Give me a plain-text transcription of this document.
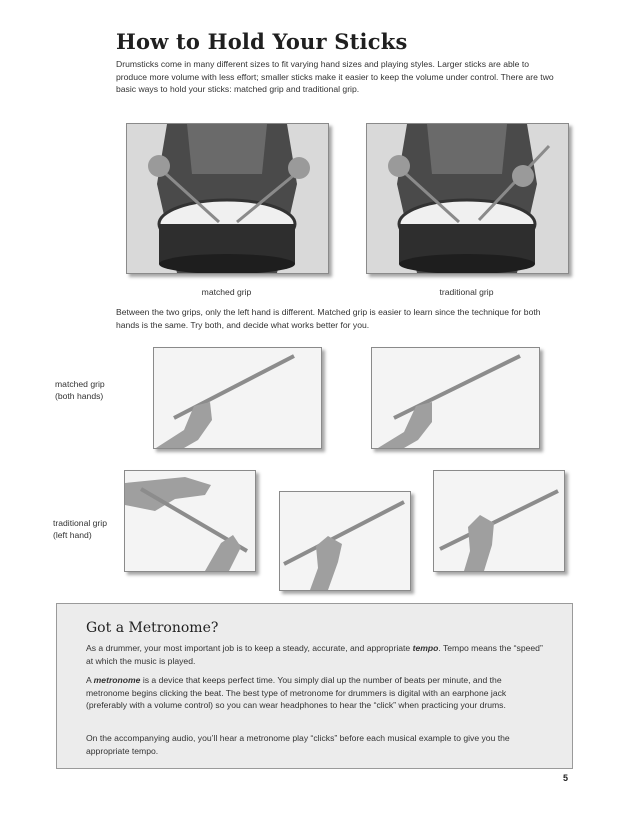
How to Hold Your Sticks
Drumsticks come in many different sizes to fit varying hand sizes and playing styles. Larger sticks are able to produce more volume with less effort; smaller sticks make it easier to keep the volume under control. There are two basic ways to hold your sticks: matched grip and traditional grip.
matched grip	traditional grip
Between the two grips, only the left hand is different. Matched grip is easier to learn since the technique for both hands is the same. Try both, and decide what works better for you.
matched grip
(both hands)
traditional grip
(left hand)
Got a Metronome?
As a drummer, your most important job is to keep a steady, accurate, and appropriate tempo. Tempo means the “speed” at which the music is played.
A metronome is a device that keeps perfect time. You simply dial up the number of beats per minute, and the metronome begins clicking the beat. The best type of metronome for drummers is digital with an earphone jack (preferably with a volume control) so you can wear headphones to hear the “click” when practicing your drums.
On the accompanying audio, you’ll hear a metronome play “clicks” before each musical example to give you the appropriate tempo.
5
